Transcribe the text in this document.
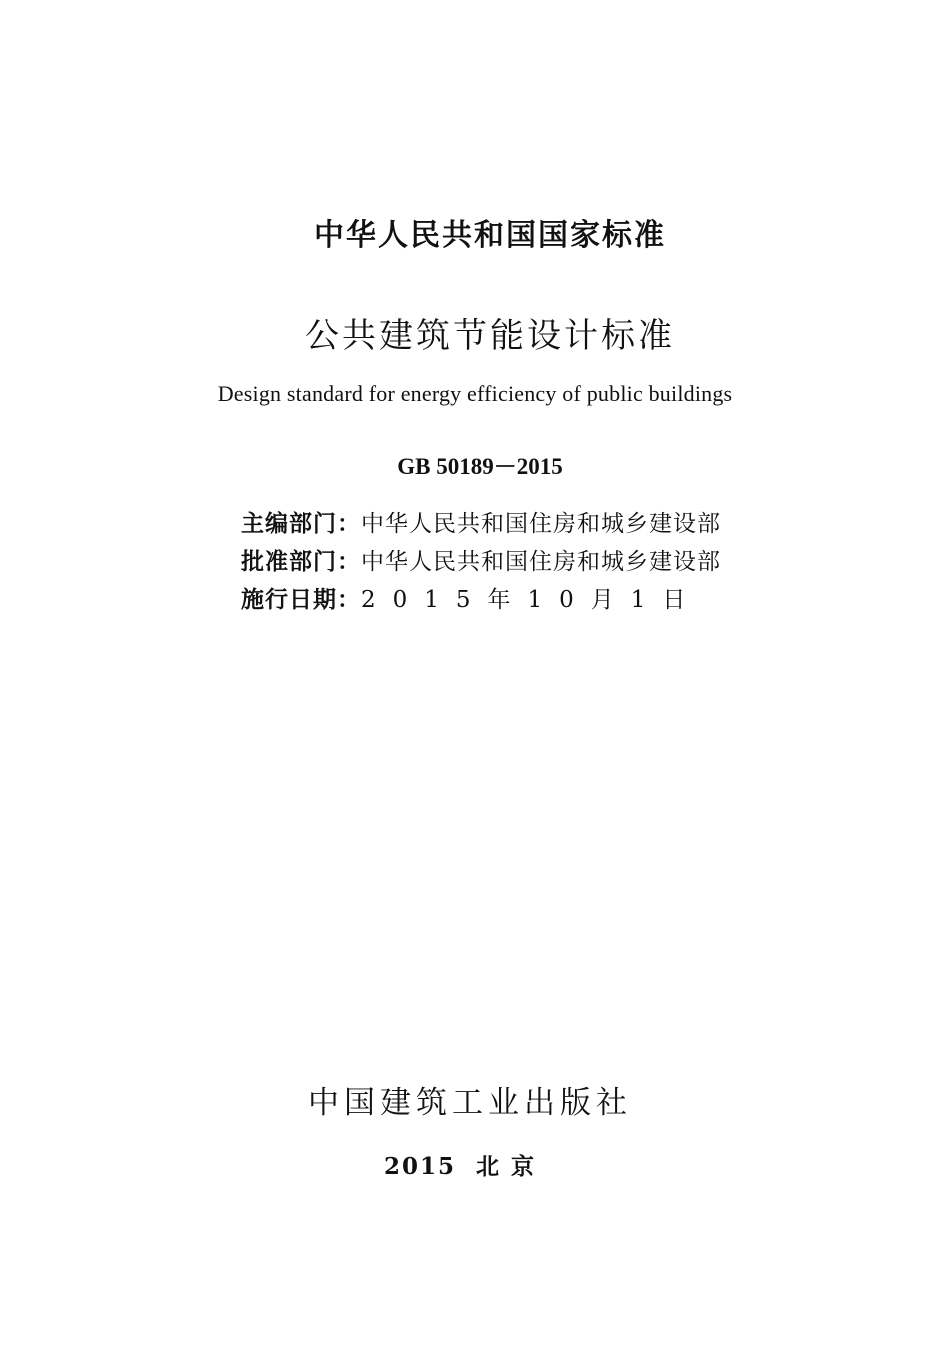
中华人民共和国国家标准
公共建筑节能设计标准
Design standard for energy efficiency of public buildings
GB 50189－2015
主编部门： 中华人民共和国住房和城乡建设部
批准部门： 中华人民共和国住房和城乡建设部
施行日期： 2015年10月1日
中国建筑工业出版社
2015 北京
